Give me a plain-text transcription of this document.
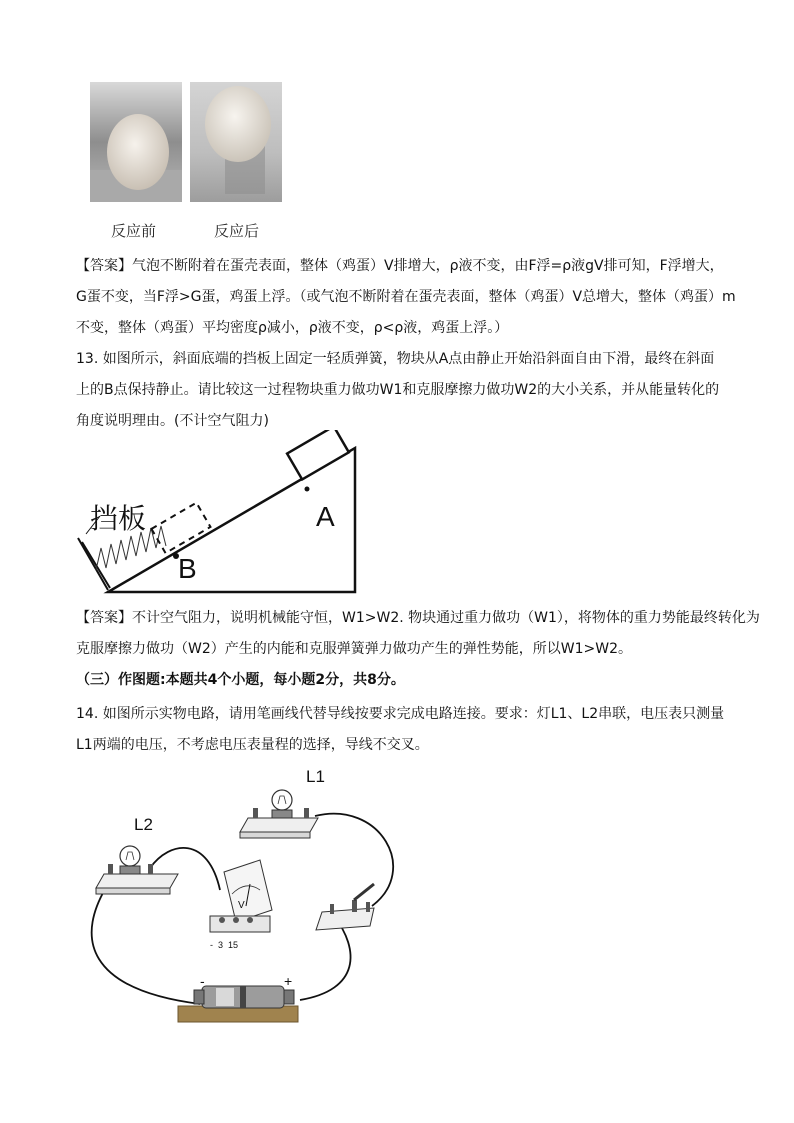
反应前	反应后
【答案】气泡不断附着在蛋壳表面，整体（鸡蛋）V排增大，ρ液不变，由F浮=ρ液gV排可知，F浮增大，
G蛋不变，当F浮>G蛋，鸡蛋上浮。（或气泡不断附着在蛋壳表面，整体（鸡蛋）V总增大，整体（鸡蛋）m
不变，整体（鸡蛋）平均密度ρ减小，ρ液不变，ρ<ρ液，鸡蛋上浮。）
13. 如图所示，斜面底端的挡板上固定一轻质弹簧，物块从A点由静止开始沿斜面自由下滑，最终在斜面
上的B点保持静止。请比较这一过程物块重力做功W1和克服摩擦力做功W2的大小关系，并从能量转化的
角度说明理由。(不计空气阻力)
挡板	A
B
【答案】不计空气阻力，说明机械能守恒，W1>W2. 物块通过重力做功（W1），将物体的重力势能最终转化为
克服摩擦力做功（W2）产生的内能和克服弹簧弹力做功产生的弹性势能，所以W1>W2。
（三）作图题:本题共4个小题，每小题2分，共8分。
14. 如图所示实物电路，请用笔画线代替导线按要求完成电路连接。要求：灯L1、L2串联，电压表只测量
L1两端的电压，不考虑电压表量程的选择，导线不交叉。
L1
L2
V
-  3  15
-	+
